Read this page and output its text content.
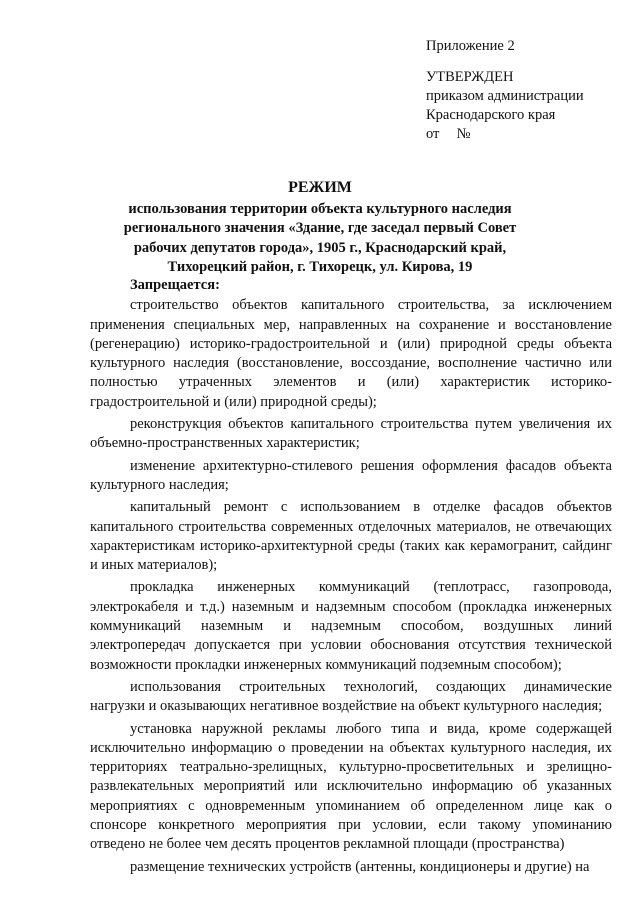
Приложение 2
УТВЕРЖДЕН
приказом администрации
Краснодарского края
от №
РЕЖИМ
использования территории объекта культурного наследия регионального значения «Здание, где заседал первый Совет рабочих депутатов города», 1905 г., Краснодарский край, Тихорецкий район, г. Тихорецк, ул. Кирова, 19
Запрещается:

строительство объектов капитального строительства, за исключением применения специальных мер, направленных на сохранение и восстановление (регенерацию) историко-градостроительной и (или) природной среды объекта культурного наследия (восстановление, воссоздание, восполнение частично или полностью утраченных элементов и (или) характеристик историко-градостроительной и (или) природной среды);

реконструкция объектов капитального строительства путем увеличения их объемно-пространственных характеристик;

изменение архитектурно-стилевого решения оформления фасадов объекта культурного наследия;

капитальный ремонт с использованием в отделке фасадов объектов капитального строительства современных отделочных материалов, не отвечающих характеристикам историко-архитектурной среды (таких как керамогранит, сайдинг и иных материалов);

прокладка инженерных коммуникаций (теплотрасс, газопровода, электрокабеля и т.д.) наземным и надземным способом (прокладка инженерных коммуникаций наземным и надземным способом, воздушных линий электропередач допускается при условии обоснования отсутствия технической возможности прокладки инженерных коммуникаций подземным способом);

использования строительных технологий, создающих динамические нагрузки и оказывающих негативное воздействие на объект культурного наследия;

установка наружной рекламы любого типа и вида, кроме содержащей исключительно информацию о проведении на объектах культурного наследия, их территориях театрально-зрелищных, культурно-просветительных и зрелищно-развлекательных мероприятий или исключительно информацию об указанных мероприятиях с одновременным упоминанием об определенном лице как о спонсоре конкретного мероприятия при условии, если такому упоминанию отведено не более чем десять процентов рекламной площади (пространства)

размещение технических устройств (антенны, кондиционеры и другие) на
